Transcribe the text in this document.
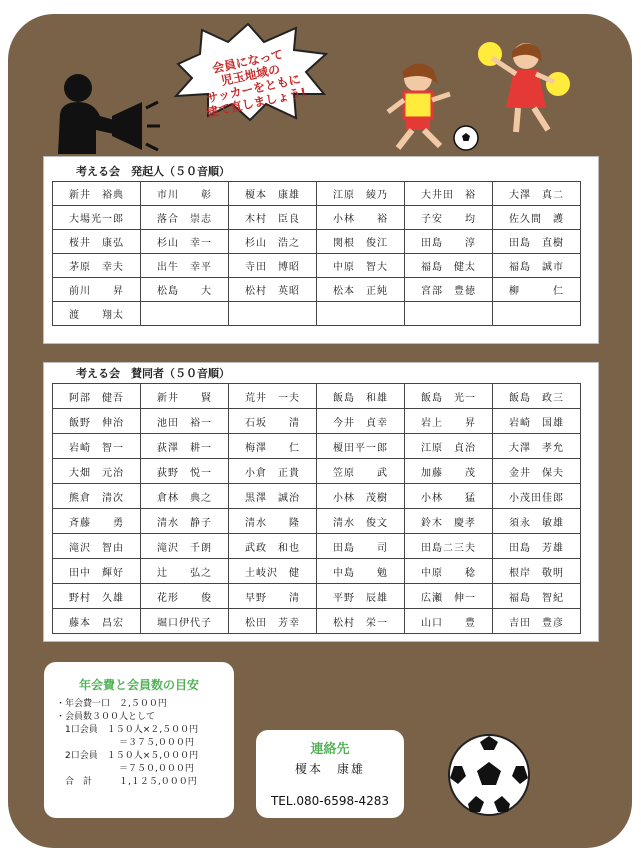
会員になって
児玉地域の
サッカーをともに
建て直しましょう!
考える会　発起人（５０音順）
新井　裕典	市川　　彰	榎本　康雄	江原　綾乃	大井田　裕	大澤　真二
大場光一郎	落合　崇志	木村　臣良	小林　　裕	子安　　均	佐久間　護
桜井　康弘	杉山　幸一	杉山　浩之	関根　俊江	田島　　淳	田島　直樹
茅原　幸夫	出牛　幸平	寺田　博昭	中原　智大	福島　健太	福島　誠市
前川　　昇	松島　　大	松村　英昭	松本　正純	宮部　豊徳	柳　　　仁
渡　　翔太
考える会　賛同者（５０音順）
阿部　健吾	新井　　賢	荒井　一夫	飯島　和雄	飯島　光一	飯島　政三
飯野　伸治	池田　裕一	石坂　　清	今井　貞幸	岩上　　昇	岩崎　国雄
岩崎　智一	荻澤　耕一	梅澤　　仁	榎田平一郎	江原　貞治	大澤　孝允
大畑　元治	荻野　悦一	小倉　正貴	笠原　　武	加藤　　茂	金井　保夫
熊倉　清次	倉林　典之	黒澤　誠治	小林　茂樹	小林　　猛	小茂田佳郎
斉藤　　勇	清水　静子	清水　　隆	清水　俊文	鈴木　慶孝	須永　敏雄
滝沢　智由	滝沢　千朗	武政　和也	田島　　司	田島二三夫	田島　芳雄
田中　輝好	辻　　弘之	土岐沢　健	中島　　勉	中原　　稔	根岸　敬明
野村　久雄	花形　　俊	早野　　清	平野　辰雄	広瀬　伸一	福島　智紀
藤本　昌宏	堀口伊代子	松田　芳幸	松村　栄一	山口　　豊	吉田　豊彦
年会費と会員数の目安
・年会費一口　２,５００円
・会員数３００人として
　1口会員　１５０人×２,５００円
　　　　　　　＝３７５,０００円
　2口会員　１５０人×５,０００円
　　　　　　　＝７５０,０００円
　合　計　　　１,１２５,０００円
連絡先
榎本　康雄
TEL.080-6598-4283
